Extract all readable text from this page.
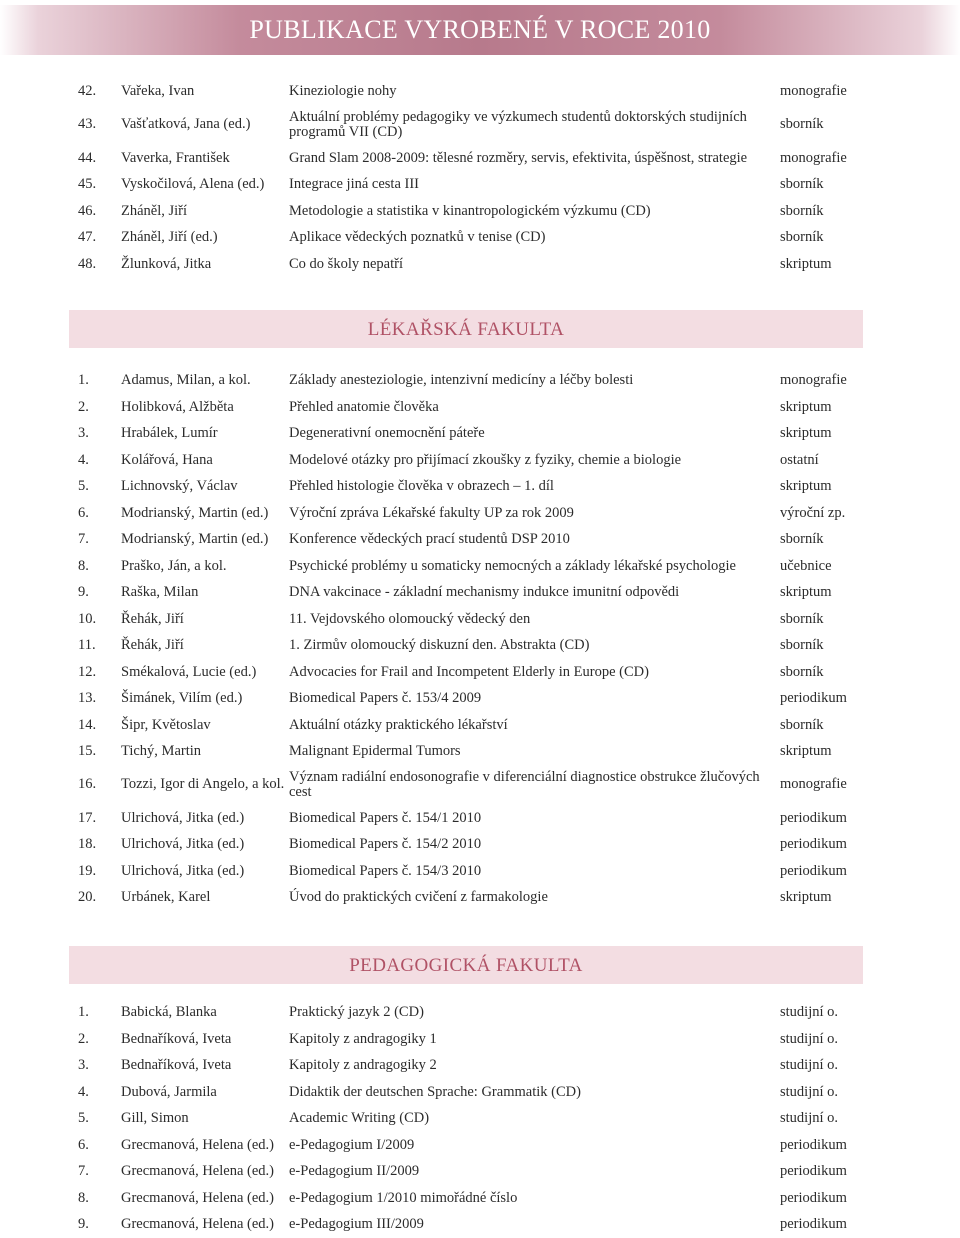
PUBLIKACE VYROBENÉ V ROCE 2010
42.	Vařeka, Ivan	Kineziologie nohy	monografie
43.	Vašťatková, Jana (ed.)	Aktuální problémy pedagogiky ve výzkumech studentů doktorských studijních programů VII (CD)	sborník
44.	Vaverka, František	Grand Slam 2008-2009: tělesné rozměry, servis, efektivita, úspěšnost, strategie	monografie
45.	Vyskočilová, Alena (ed.)	Integrace jiná cesta III	sborník
46.	Zháněl, Jiří	Metodologie a statistika v kinantropologickém výzkumu (CD)	sborník
47.	Zháněl, Jiří (ed.)	Aplikace vědeckých poznatků v tenise (CD)	sborník
48.	Žlunková, Jitka	Co do školy nepatří	skriptum
LÉKAŘSKÁ FAKULTA
1.	Adamus, Milan, a kol.	Základy anesteziologie, intenzivní medicíny a léčby bolesti	monografie
2.	Holibková, Alžběta	Přehled anatomie člověka	skriptum
3.	Hrabálek, Lumír	Degenerativní onemocnění páteře	skriptum
4.	Kolářová, Hana	Modelové otázky pro přijímací zkoušky z fyziky, chemie a biologie	ostatní
5.	Lichnovský, Václav	Přehled histologie člověka v obrazech – 1. díl	skriptum
6.	Modrianský, Martin (ed.)	Výroční zpráva Lékařské fakulty UP za rok 2009	výroční zp.
7.	Modrianský, Martin (ed.)	Konference vědeckých prací studentů DSP 2010	sborník
8.	Praško, Ján, a kol.	Psychické problémy u somaticky nemocných a základy lékařské psychologie	učebnice
9.	Raška, Milan	DNA vakcinace - základní mechanismy indukce imunitní odpovědi	skriptum
10.	Řehák, Jiří	11. Vejdovského olomoucký vědecký den	sborník
11.	Řehák, Jiří	1. Zirmův olomoucký diskuzní den. Abstrakta (CD)	sborník
12.	Smékalová, Lucie (ed.)	Advocacies for Frail and Incompetent Elderly in Europe (CD)	sborník
13.	Šimánek, Vilím (ed.)	Biomedical Papers č. 153/4 2009	periodikum
14.	Šipr, Květoslav	Aktuální otázky praktického lékařství	sborník
15.	Tichý, Martin	Malignant Epidermal Tumors	skriptum
16.	Tozzi, Igor di Angelo, a kol.	Význam radiální endosonografie v diferenciální diagnostice obstrukce žlučových cest	monografie
17.	Ulrichová, Jitka (ed.)	Biomedical Papers č. 154/1 2010	periodikum
18.	Ulrichová, Jitka (ed.)	Biomedical Papers č. 154/2 2010	periodikum
19.	Ulrichová, Jitka (ed.)	Biomedical Papers č. 154/3 2010	periodikum
20.	Urbánek, Karel	Úvod do praktických cvičení z farmakologie	skriptum
PEDAGOGICKÁ FAKULTA
1.	Babická, Blanka	Praktický jazyk 2 (CD)	studijní o.
2.	Bednaříková, Iveta	Kapitoly z andragogiky 1	studijní o.
3.	Bednaříková, Iveta	Kapitoly z andragogiky 2	studijní o.
4.	Dubová, Jarmila	Didaktik der deutschen Sprache: Grammatik (CD)	studijní o.
5.	Gill, Simon	Academic Writing (CD)	studijní o.
6.	Grecmanová, Helena (ed.)	e-Pedagogium I/2009	periodikum
7.	Grecmanová, Helena (ed.)	e-Pedagogium II/2009	periodikum
8.	Grecmanová, Helena (ed.)	e-Pedagogium 1/2010 mimořádné číslo	periodikum
9.	Grecmanová, Helena (ed.)	e-Pedagogium III/2009	periodikum
